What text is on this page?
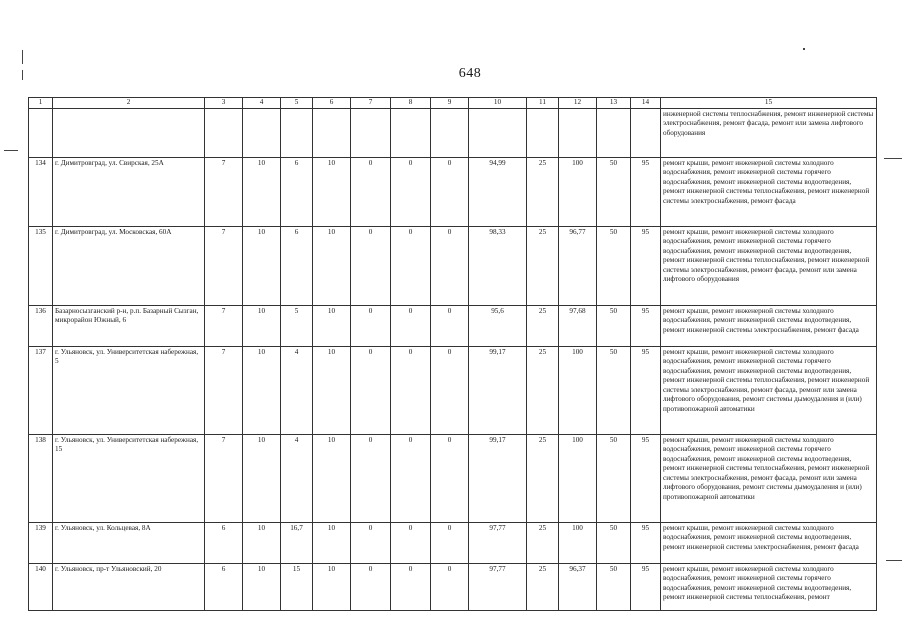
648
1	2	3	4	5	6	7	8	9	10	11	12	13	14	15
														инженерной системы теплоснабжения, ремонт инженерной системы электроснабжения, ремонт фасада, ремонт или замена лифтового оборудования
134	г. Димитровград, ул. Свирская, 25А	7	10	6	10	0	0	0	94,99	25	100	50	95	ремонт крыши, ремонт инженерной системы холодного водоснабжения, ремонт инженерной системы горячего водоснабжения, ремонт инженерной системы водоотведения, ремонт инженерной системы теплоснабжения, ремонт инженерной системы электроснабжения, ремонт фасада
135	г. Димитровград, ул. Московская, 60А	7	10	6	10	0	0	0	98,33	25	96,77	50	95	ремонт крыши, ремонт инженерной системы холодного водоснабжения, ремонт инженерной системы горячего водоснабжения, ремонт инженерной системы водоотведения, ремонт инженерной системы теплоснабжения, ремонт инженерной системы электроснабжения, ремонт фасада, ремонт или замена лифтового оборудования
136	Базарносызганский р-н, р.п. Базарный Сызган, микрорайон Южный, 6	7	10	5	10	0	0	0	95,6	25	97,68	50	95	ремонт крыши, ремонт инженерной системы холодного водоснабжения, ремонт инженерной системы водоотведения, ремонт инженерной системы электроснабжения, ремонт фасада
137	г. Ульяновск, ул. Университетская набережная, 5	7	10	4	10	0	0	0	99,17	25	100	50	95	ремонт крыши, ремонт инженерной системы холодного водоснабжения, ремонт инженерной системы горячего водоснабжения, ремонт инженерной системы водоотведения, ремонт инженерной системы теплоснабжения, ремонт инженерной системы электроснабжения, ремонт фасада, ремонт или замена лифтового оборудования, ремонт системы дымоудаления и (или) противопожарной автоматики
138	г. Ульяновск, ул. Университетская набережная, 15	7	10	4	10	0	0	0	99,17	25	100	50	95	ремонт крыши, ремонт инженерной системы холодного водоснабжения, ремонт инженерной системы горячего водоснабжения, ремонт инженерной системы водоотведения, ремонт инженерной системы теплоснабжения, ремонт инженерной системы электроснабжения, ремонт фасада, ремонт или замена лифтового оборудования, ремонт системы дымоудаления и (или) противопожарной автоматики
139	г. Ульяновск, ул. Кольцевая, 8А	6	10	16,7	10	0	0	0	97,77	25	100	50	95	ремонт крыши, ремонт инженерной системы холодного водоснабжения, ремонт инженерной системы водоотведения, ремонт инженерной системы электроснабжения, ремонт фасада
140	г. Ульяновск, пр-т Ульяновский, 20	6	10	15	10	0	0	0	97,77	25	96,37	50	95	ремонт крыши, ремонт инженерной системы холодного водоснабжения, ремонт инженерной системы горячего водоснабжения, ремонт инженерной системы водоотведения, ремонт инженерной системы теплоснабжения, ремонт
